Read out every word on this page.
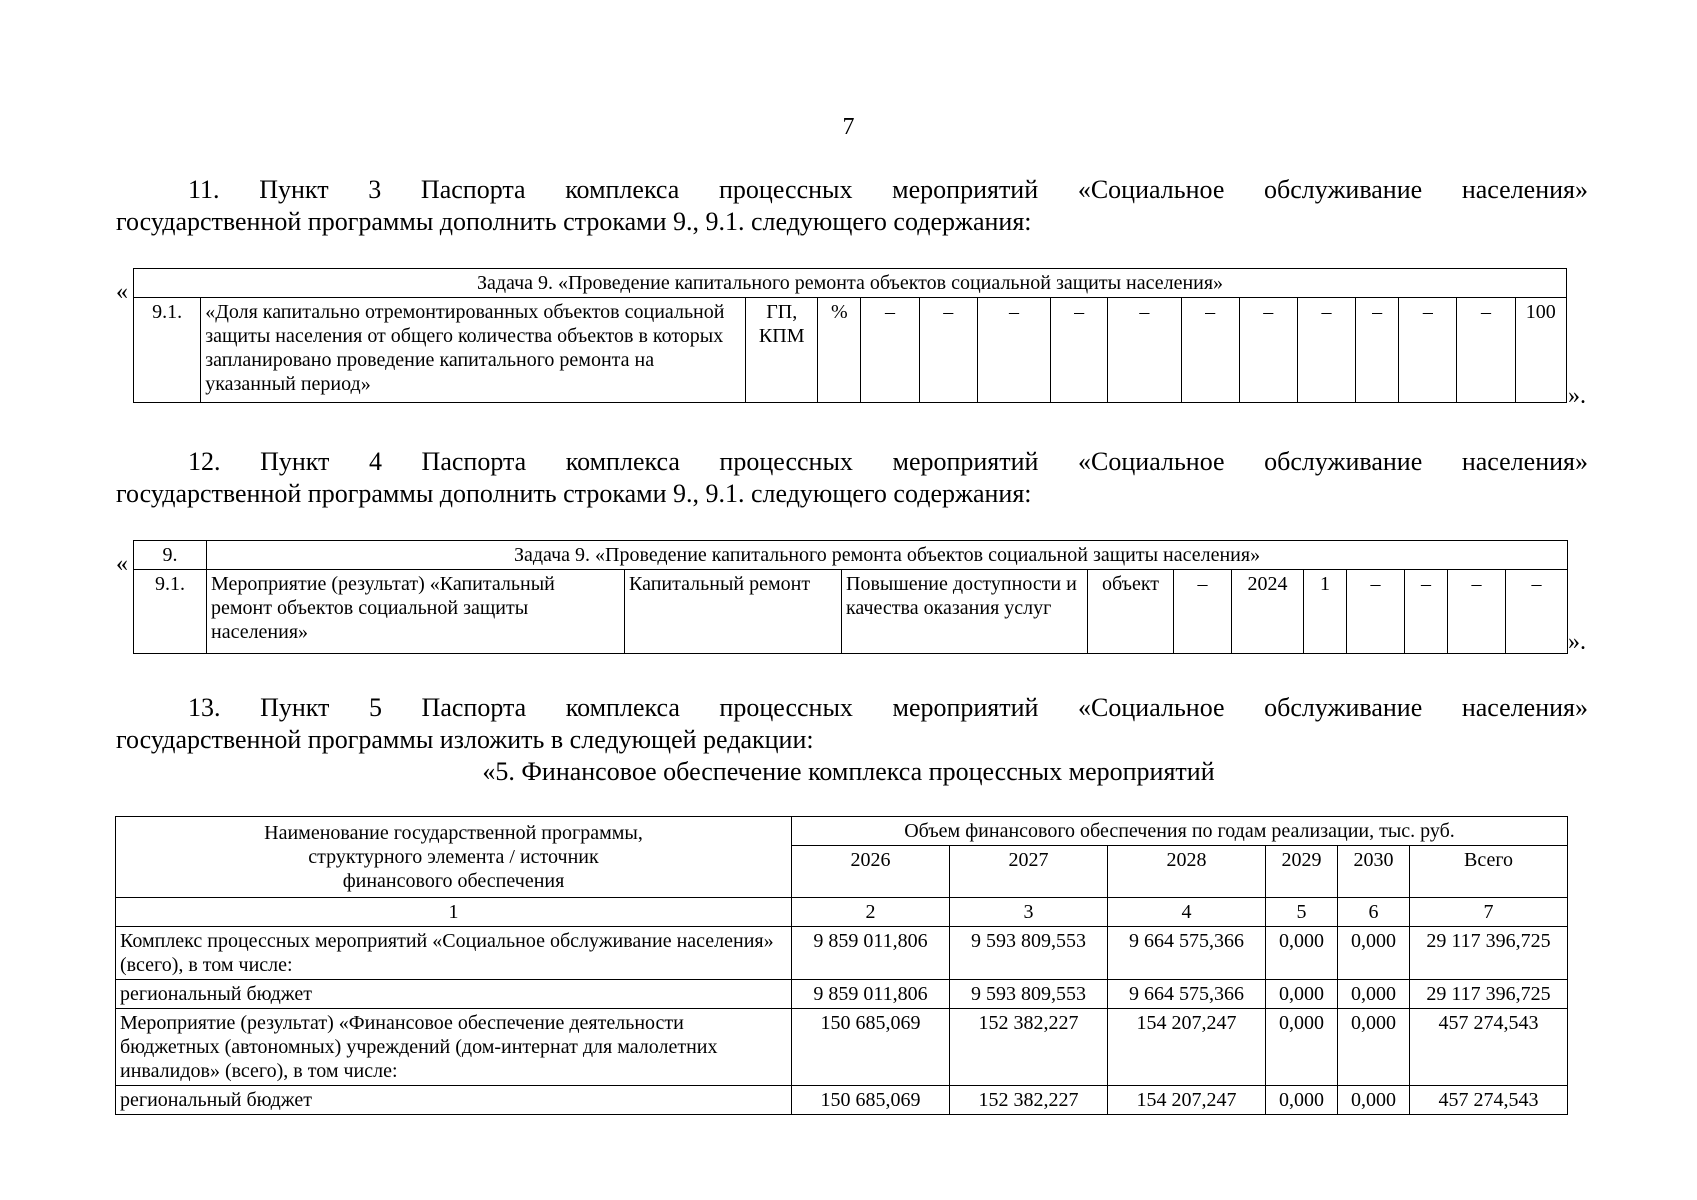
7
11. Пункт 3 Паспорта комплекса процессных мероприятий «Социальное обслуживание населения»
государственной программы дополнить строками 9., 9.1. следующего содержания:
«	Задача 9. «Проведение капитального ремонта объектов социальной защиты населения»
9.1.	«Доля капитально отремонтированных объектов социальной защиты населения от общего количества объектов в которых запланировано проведение капитального ремонта на указанный период»	ГП, КПМ	%	–	–	–	–	–	–	–	–	–	–	–	100
».
12. Пункт 4 Паспорта комплекса процессных мероприятий «Социальное обслуживание населения»
государственной программы дополнить строками 9., 9.1. следующего содержания:
« 9.	Задача 9. «Проведение капитального ремонта объектов социальной защиты населения»										
9.1.	Мероприятие (результат) «Капитальный ремонт объектов социальной защиты населения»	Капитальный ремонт	Повышение доступности и качества оказания услуг	объект	–	2024	1	–	–	–	–
».
13. Пункт 5 Паспорта комплекса процессных мероприятий «Социальное обслуживание населения»
государственной программы изложить в следующей редакции:
«5. Финансовое обеспечение комплекса процессных мероприятий
Наименование государственной программы, структурного элемента / источник финансового обеспечения	Объем финансового обеспечения по годам реализации, тыс. руб.					
	2026	2027	2028	2029	2030	Всего
1	2	3	4	5	6	7
Комплекс процессных мероприятий «Социальное обслуживание населения» (всего), в том числе:	9 859 011,806	9 593 809,553	9 664 575,366	0,000	0,000	29 117 396,725
региональный бюджет	9 859 011,806	9 593 809,553	9 664 575,366	0,000	0,000	29 117 396,725
Мероприятие (результат) «Финансовое обеспечение деятельности бюджетных (автономных) учреждений (дом-интернат для малолетних инвалидов» (всего), в том числе:	150 685,069	152 382,227	154 207,247	0,000	0,000	457 274,543
региональный бюджет	150 685,069	152 382,227	154 207,247	0,000	0,000	457 274,543
